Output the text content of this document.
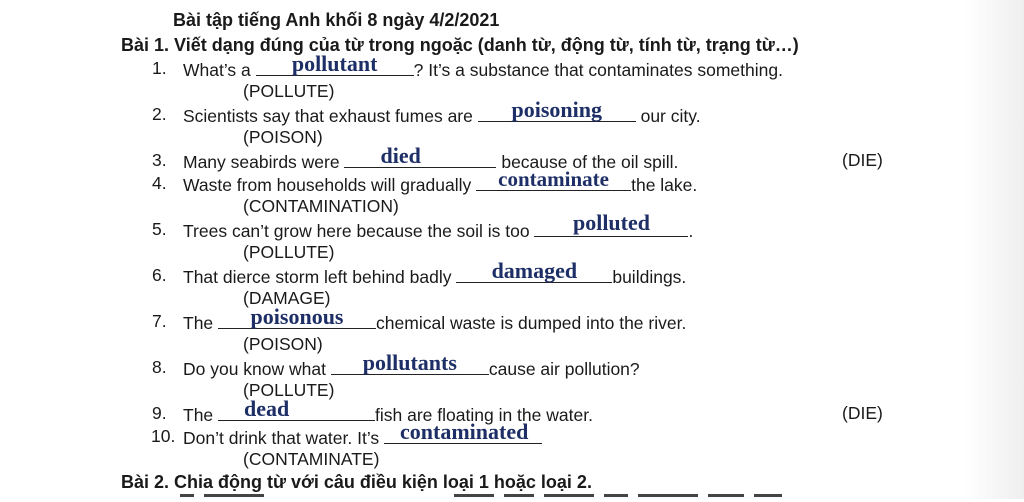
Bài tập tiếng Anh khối 8 ngày 4/2/2021
Bài 1. Viết dạng đúng của từ trong ngoặc (danh từ, động từ, tính từ, trạng từ…)
1. What’s a	pollutant	? It’s a substance that contaminates something.
(POLLUTE)
2. Scientists say that exhaust fumes are	poisoning	our city.
(POISON)
3. Many seabirds were	died	because of the oil spill.	(DIE)
4. Waste from households will gradually	contaminate	the lake.
(CONTAMINATION)
5. Trees can’t grow here because the soil is too	polluted	.
(POLLUTE)
6. That dierce storm left behind badly	damaged	buildings.
(DAMAGE)
7. The	poisonous	chemical waste is dumped into the river.
(POISON)
8. Do you know what	pollutants	cause air pollution?
(POLLUTE)
9. The	dead	fish are floating in the water.	(DIE)
10. Don’t drink that water. It’s contaminated
(CONTAMINATE)
Bài 2. Chia động từ với câu điều kiện loại 1 hoặc loại 2.
